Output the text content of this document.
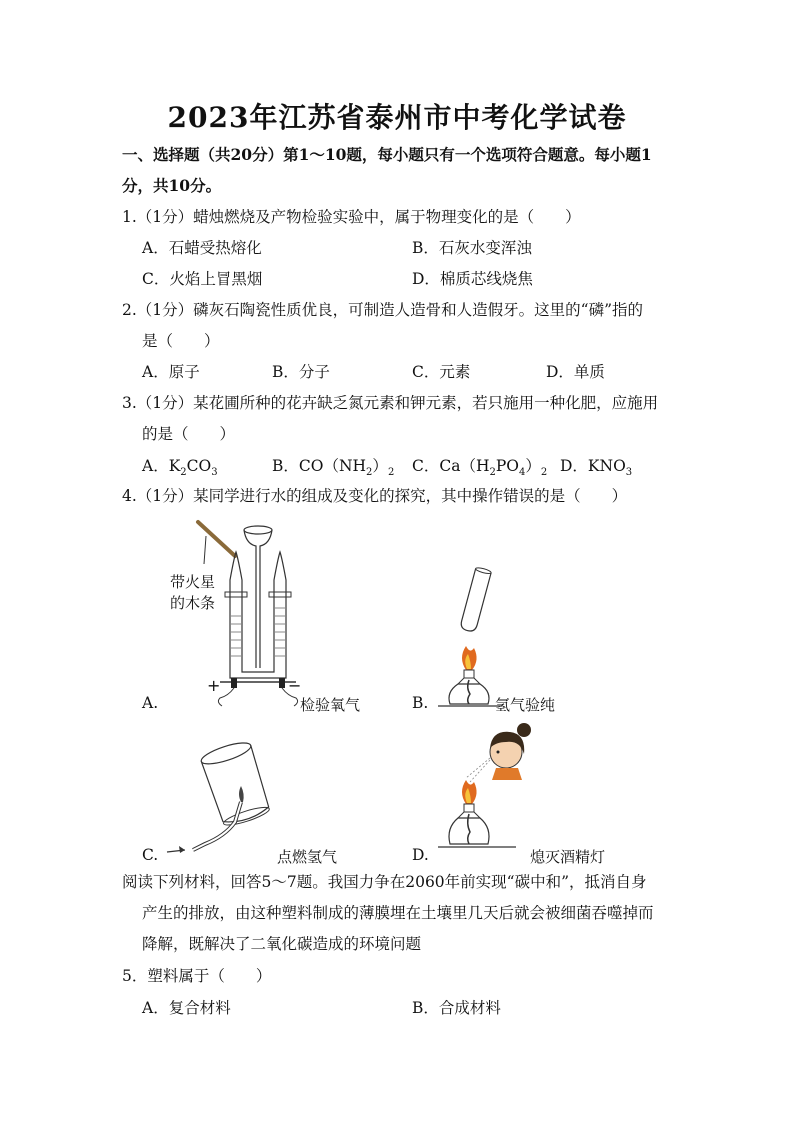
2023年江苏省泰州市中考化学试卷
一、选择题（共20分）第1～10题，每小题只有一个选项符合题意。每小题1
分，共10分。
1.（1分）蜡烛燃烧及产物检验实验中，属于物理变化的是（　　）
A．石蜡受热熔化	B．石灰水变浑浊
C．火焰上冒黑烟	D．棉质芯线烧焦
2.（1分）磷灰石陶瓷性质优良，可制造人造骨和人造假牙。这里的“磷”指的
是（　　）
A．原子	B．分子	C．元素	D．单质
3.（1分）某花圃所种的花卉缺乏氮元素和钾元素，若只施用一种化肥，应施用
的是（　　）
A．$K_2CO_3$	B．$CO(NH_2)_2$ C．$Ca(H_2PO_4)_2$ D．$KNO_3$
4.（1分）某同学进行水的组成及变化的探究，其中操作错误的是（　　）
A.
带火星
的木条
检验氧气
+	−
B.	氢气验纯
C.	点燃氢气	D.	熄灭酒精灯
阅读下列材料，回答5～7题。我国力争在2060年前实现“碳中和”，抵消自身
产生的排放，由这种塑料制成的薄膜埋在土壤里几天后就会被细菌吞噬掉而
降解，既解决了二氧化碳造成的环境问题
5．塑料属于（　　）
A．复合材料	B．合成材料
